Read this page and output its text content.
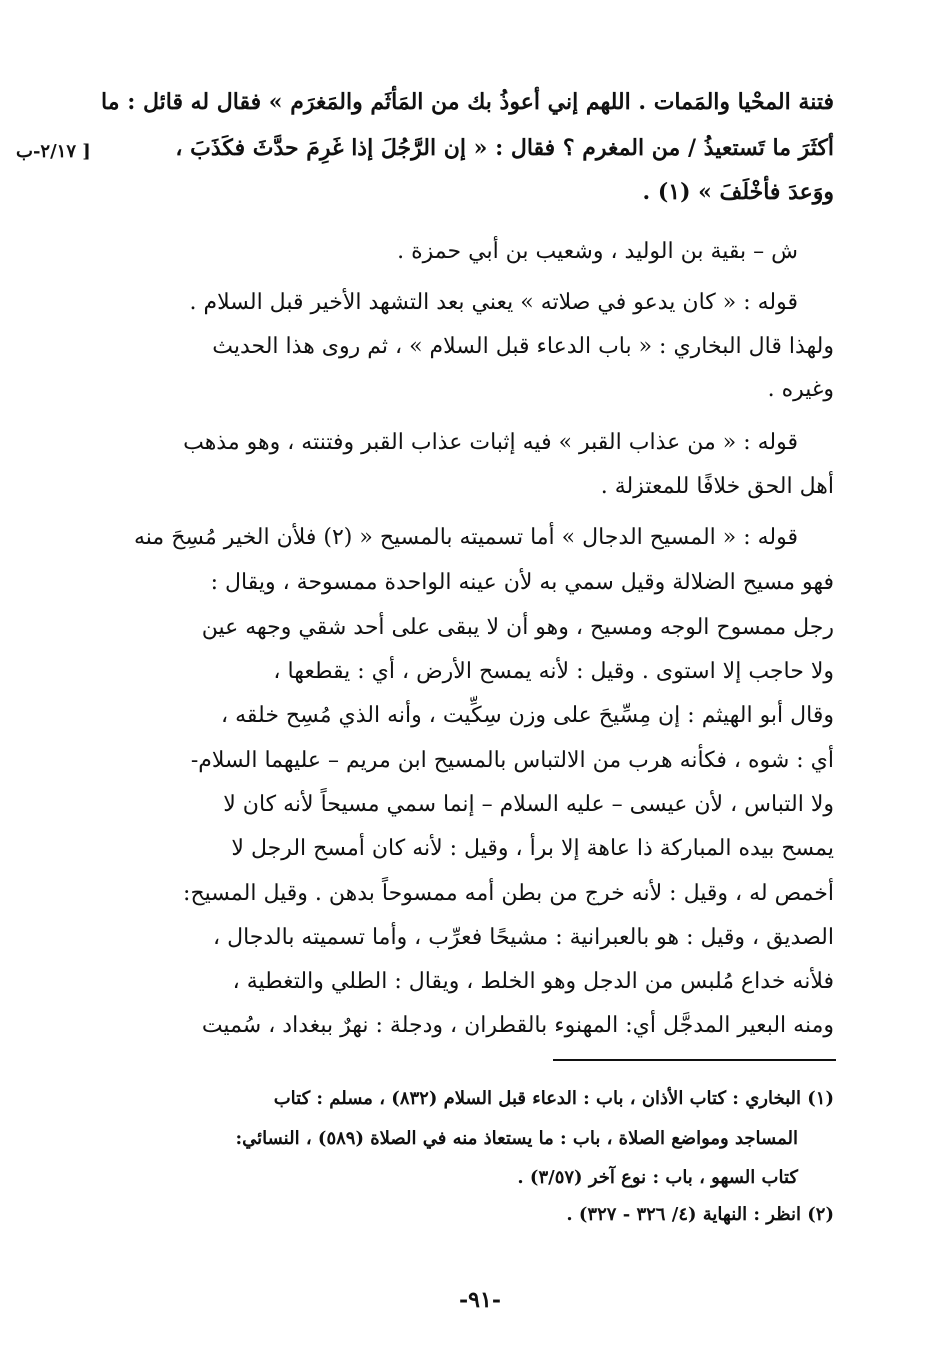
فتنة المحْيا والمَمات . اللهم إني أعوذُ بك من المَأثَم والمَغرَم » فقال له قائل : ما
أكثَرَ ما تَستعيذُ / من المغرم ؟ فقال : « إن الرَّجُلَ إذا غَرِمَ حدَّثَ فكَذَبَ ،
[ ٢/١٧-ب
ووَعدَ فأخْلَفَ » (١) .
ش – بقية بن الوليد ، وشعيب بن أبي حمزة .
قوله : « كان يدعو في صلاته » يعني بعد التشهد الأخير قبل السلام .
ولهذا قال البخاري : « باب الدعاء قبل السلام » ، ثم روى هذا الحديث
وغيره .
قوله : « من عذاب القبر » فيه إثبات عذاب القبر وفتنته ، وهو مذهب
أهل الحق خلافًا للمعتزلة .
قوله : « المسيح الدجال » أما تسميته بالمسيح « (٢) فلأن الخير مُسِحَ منه
فهو مسيح الضلالة وقيل سمي به لأن عينه الواحدة ممسوحة ، ويقال :
رجل ممسوح الوجه ومسيح ، وهو أن لا يبقى على أحد شقي وجهه عين
ولا حاجب إلا استوى . وقيل : لأنه يمسح الأرض ، أي : يقطعها ،
وقال أبو الهيثم : إن مِسِّيحَ على وزن سِكِّيت ، وأنه الذي مُسِح خلقه ،
أي : شوه ، فكأنه هرب من الالتباس بالمسيح ابن مريم – عليهما السلام-
ولا التباس ، لأن عيسى – عليه السلام – إنما سمي مسيحاً لأنه كان لا
يمسح بيده المباركة ذا عاهة إلا برأ ، وقيل : لأنه كان أمسح الرجل لا
أخمص له ، وقيل : لأنه خرج من بطن أمه ممسوحاً بدهن . وقيل المسيح:
الصديق ، وقيل : هو بالعبرانية : مشيحًا فعرِّب ، وأما تسميته بالدجال ،
فلأنه خداع مُلبس من الدجل وهو الخلط ، ويقال : الطلي والتغطية ،
ومنه البعير المدجَّل أي: المهنوء بالقطران ، ودجلة : نهرٌ ببغداد ، سُميت
(١) البخاري : كتاب الأذان ، باب : الدعاء قبل السلام (٨٣٢) ، مسلم : كتاب
المساجد ومواضع الصلاة ، باب : ما يستعاذ منه في الصلاة (٥٨٩) ، النسائي:
كتاب السهو ، باب : نوع آخر (٣/٥٧) .
(٢) انظر : النهاية (٤/ ٣٢٦ - ٣٢٧) .
-٩١-
